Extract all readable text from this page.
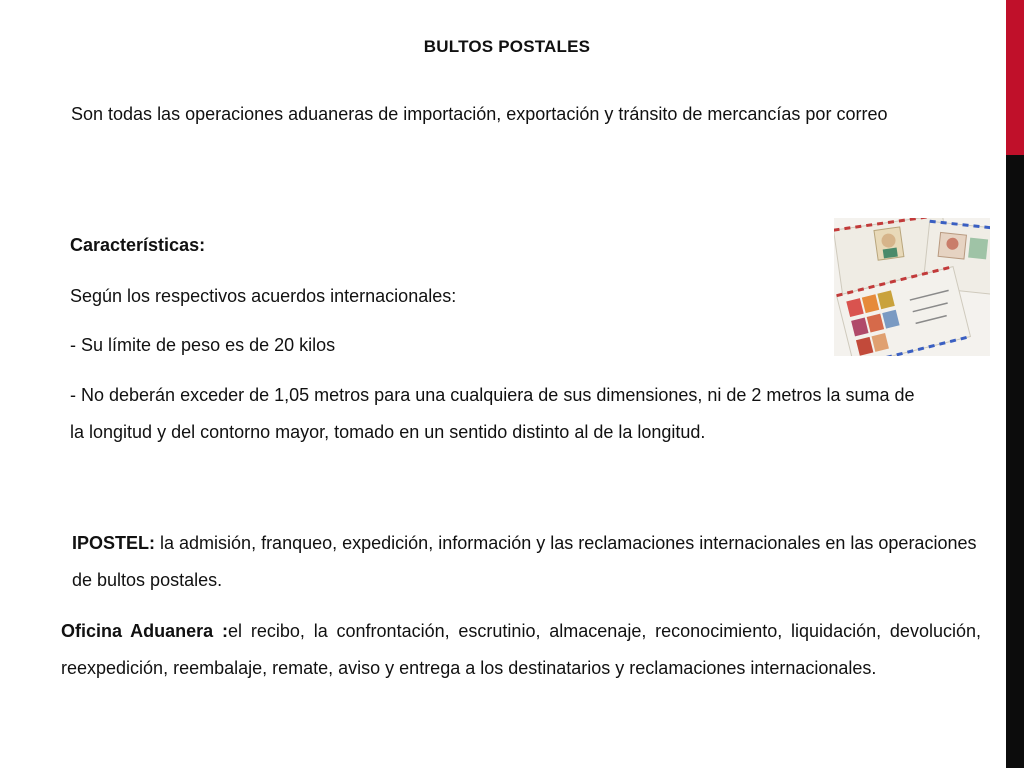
BULTOS POSTALES

Son todas las operaciones aduaneras de importación, exportación y tránsito de mercancías por correo

Características:

Según los respectivos acuerdos internacionales:

- Su límite de peso es de 20 kilos

- No deberán exceder de 1,05 metros para una cualquiera de sus dimensiones, ni de 2 metros la suma de la longitud y del contorno mayor, tomado en un sentido distinto al de la longitud.

IPOSTEL: la admisión, franqueo, expedición, información y las reclamaciones internacionales en las operaciones de bultos postales.

Oficina Aduanera :el recibo, la confrontación, escrutinio, almacenaje, reconocimiento, liquidación, devolución, reexpedición, reembalaje, remate, aviso y entrega a los destinatarios y reclamaciones internacionales.
